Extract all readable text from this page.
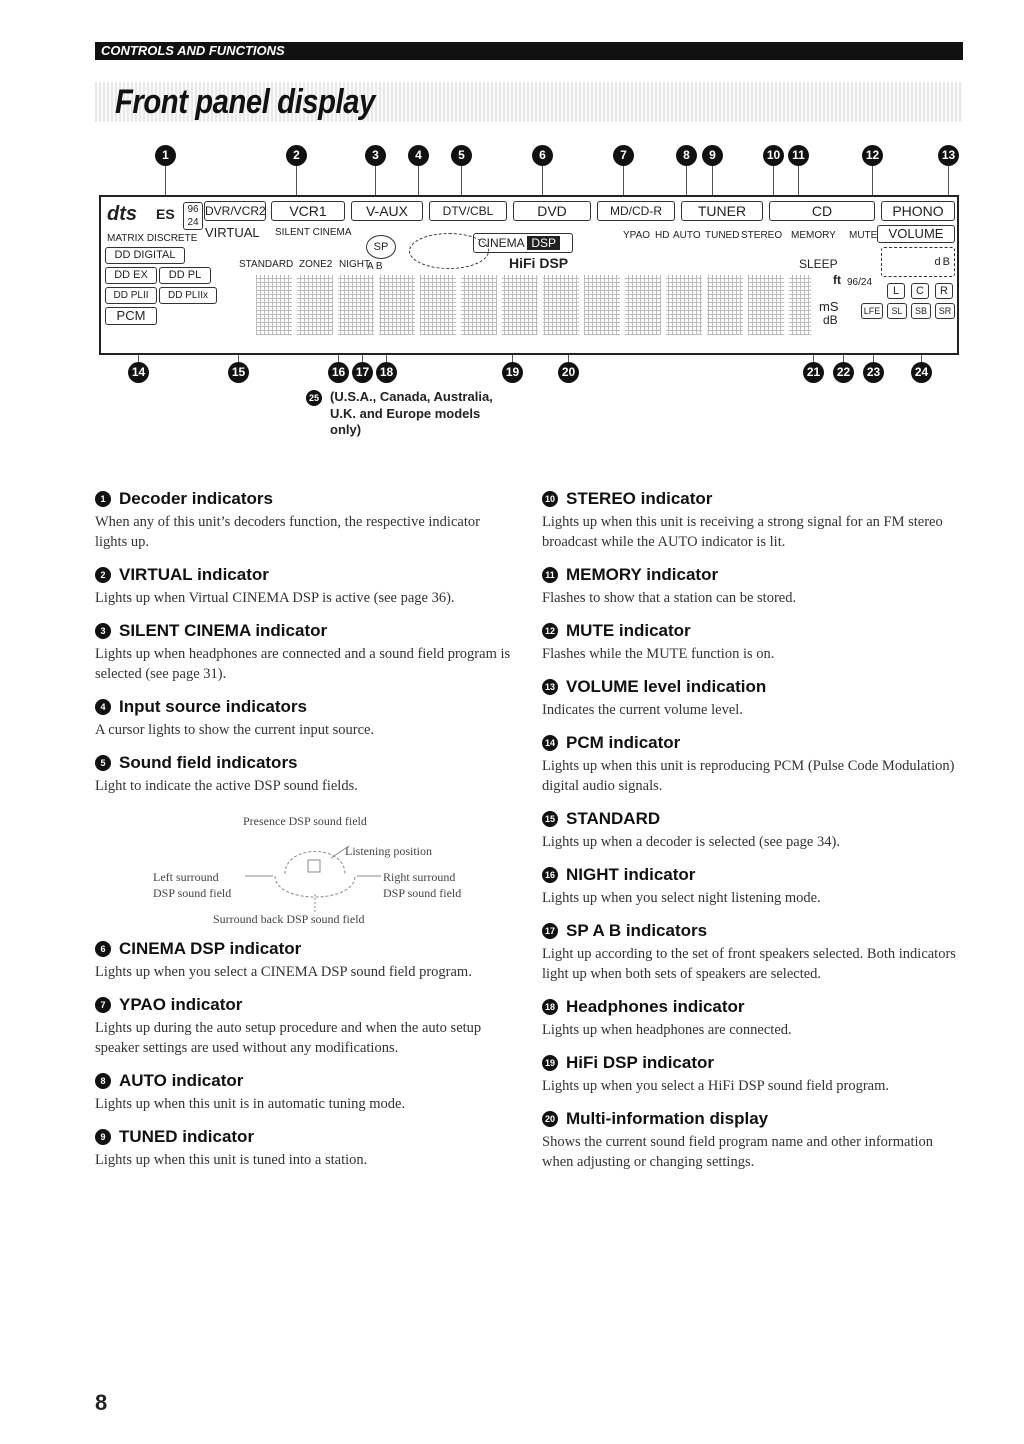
CONTROLS AND FUNCTIONS
Front panel display
1	2	3	4	5	6	7	8	9	10 11	12	13
dts ES	96
24
MATRIX DISCRETE
DD DIGITAL
DD EX	DD PL
DD PLII	DD PLIIx
PCM
DVR/VCR2	VCR1	V-AUX	DTV/CBL	DVD	MD/CD-R	TUNER	CD	PHONO
VIRTUAL SILENT CINEMA
STANDARD ZONE2 NIGHT
SP
A B
CINEMA DSP
HiFi DSP
YPAO HD AUTO TUNED STEREO MEMORY MUTE VOLUME
SLEEP
ft 96/24
mS
dB
dB
L	C	R
LFE	SL	SB	SR
14	15	16 17 18	19	20	21	22	23	24
25 (U.S.A., Canada, Australia,
U.K. and Europe models
only)
1 Decoder indicators

When any of this unit’s decoders function, the respective indicator lights up.

2 VIRTUAL indicator

Lights up when Virtual CINEMA DSP is active (see page 36).

3 SILENT CINEMA indicator

Lights up when headphones are connected and a sound field program is selected (see page 31).

4 Input source indicators

A cursor lights to show the current input source.

5 Sound field indicators

Light to indicate the active DSP sound fields.

Presence DSP sound field
Listening position
Left surround
DSP sound field
Right surround
DSP sound field
Surround back DSP sound field
6 CINEMA DSP indicator

Lights up when you select a CINEMA DSP sound field program.

7 YPAO indicator

Lights up during the auto setup procedure and when the auto setup speaker settings are used without any modifications.

8 AUTO indicator

Lights up when this unit is in automatic tuning mode.

9 TUNED indicator

Lights up when this unit is tuned into a station.

10 STEREO indicator

Lights up when this unit is receiving a strong signal for an FM stereo broadcast while the AUTO indicator is lit.

11 MEMORY indicator

Flashes to show that a station can be stored.

12 MUTE indicator

Flashes while the MUTE function is on.

13 VOLUME level indication

Indicates the current volume level.

14 PCM indicator

Lights up when this unit is reproducing PCM (Pulse Code Modulation) digital audio signals.

15 STANDARD

Lights up when a decoder is selected (see page 34).

16 NIGHT indicator

Lights up when you select night listening mode.

17 SP A B indicators

Light up according to the set of front speakers selected. Both indicators light up when both sets of speakers are selected.

18 Headphones indicator

Lights up when headphones are connected.

19 HiFi DSP indicator

Lights up when you select a HiFi DSP sound field program.

20 Multi-information display

Shows the current sound field program name and other information when adjusting or changing settings.

8
